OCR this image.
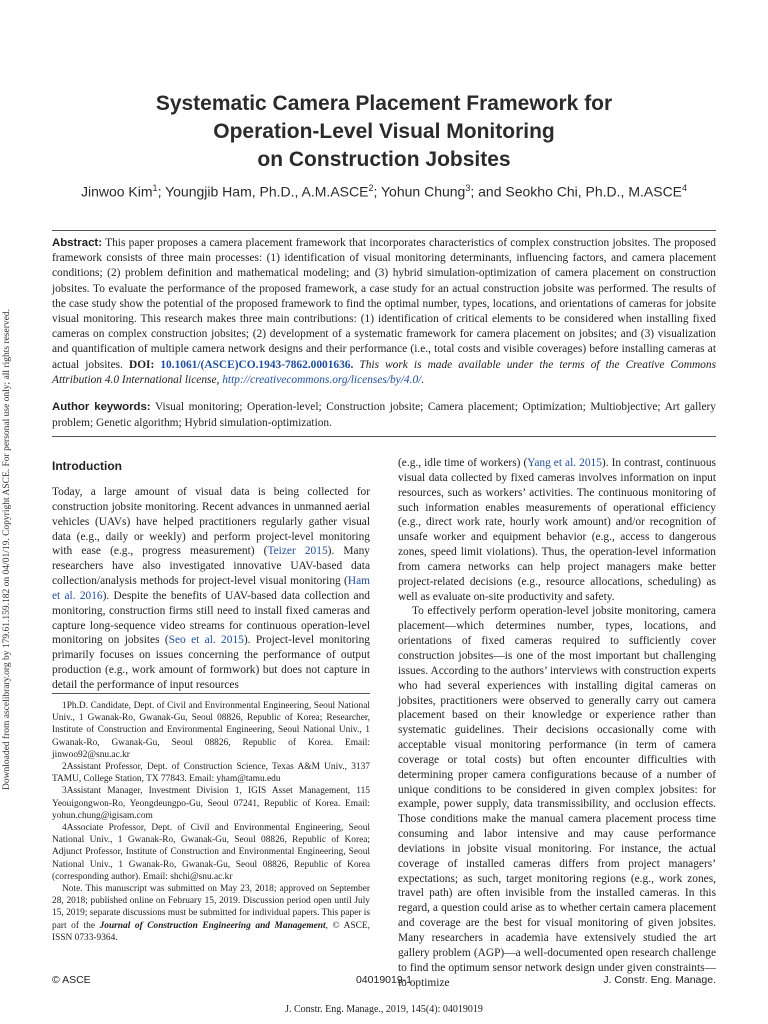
Downloaded from ascelibrary.org by 179.61.159.182 on 04/01/19. Copyright ASCE. For personal use only; all rights reserved.
Systematic Camera Placement Framework for
Operation-Level Visual Monitoring
on Construction Jobsites
Jinwoo Kim$^1$; Youngjib Ham, Ph.D., A.M.ASCE$^2$; Yohun Chung$^3$; and Seokho Chi, Ph.D., M.ASCE$^4$
Abstract: This paper proposes a camera placement framework that incorporates characteristics of complex construction jobsites. The proposed framework consists of three main processes: (1) identification of visual monitoring determinants, influencing factors, and camera placement conditions; (2) problem definition and mathematical modeling; and (3) hybrid simulation-optimization of camera placement on construction jobsites. To evaluate the performance of the proposed framework, a case study for an actual construction jobsite was performed. The results of the case study show the potential of the proposed framework to find the optimal number, types, locations, and orientations of cameras for jobsite visual monitoring. This research makes three main contributions: (1) identification of critical elements to be considered when installing fixed cameras on complex construction jobsites; (2) development of a systematic framework for camera placement on jobsites; and (3) visualization and quantification of multiple camera network designs and their performance (i.e., total costs and visible coverages) before installing cameras at actual jobsites. DOI: 10.1061/(ASCE)CO.1943-7862.0001636. This work is made available under the terms of the Creative Commons Attribution 4.0 International license, http://creativecommons.org/licenses/by/4.0/.
Author keywords: Visual monitoring; Operation-level; Construction jobsite; Camera placement; Optimization; Multiobjective; Art gallery problem; Genetic algorithm; Hybrid simulation-optimization.
Introduction

Today, a large amount of visual data is being collected for construction jobsite monitoring. Recent advances in unmanned aerial vehicles (UAVs) have helped practitioners regularly gather visual data (e.g., daily or weekly) and perform project-level monitoring with ease (e.g., progress measurement) (Teizer 2015). Many researchers have also investigated innovative UAV-based data collection/analysis methods for project-level visual monitoring (Ham et al. 2016). Despite the benefits of UAV-based data collection and monitoring, construction firms still need to install fixed cameras and capture long-sequence video streams for continuous operation-level monitoring on jobsites (Seo et al. 2015). Project-level monitoring primarily focuses on issues concerning the performance of output production (e.g., work amount of formwork) but does not capture in detail the performance of input resources

1Ph.D. Candidate, Dept. of Civil and Environmental Engineering, Seoul National Univ., 1 Gwanak-Ro, Gwanak-Gu, Seoul 08826, Republic of Korea; Researcher, Institute of Construction and Environmental Engineering, Seoul National Univ., 1 Gwanak-Ro, Gwanak-Gu, Seoul 08826, Republic of Korea. Email: jinwoo92@snu.ac.kr

2Assistant Professor, Dept. of Construction Science, Texas A&M Univ., 3137 TAMU, College Station, TX 77843. Email: yham@tamu.edu

3Assistant Manager, Investment Division 1, IGIS Asset Management, 115 Yeouigongwon-Ro, Yeongdeungpo-Gu, Seoul 07241, Republic of Korea. Email: yohun.chung@igisam.com

4Associate Professor, Dept. of Civil and Environmental Engineering, Seoul National Univ., 1 Gwanak-Ro, Gwanak-Gu, Seoul 08826, Republic of Korea; Adjunct Professor, Institute of Construction and Environmental Engineering, Seoul National Univ., 1 Gwanak-Ro, Gwanak-Gu, Seoul 08826, Republic of Korea (corresponding author). Email: shchi@snu.ac.kr

Note. This manuscript was submitted on May 23, 2018; approved on September 28, 2018; published online on February 15, 2019. Discussion period open until July 15, 2019; separate discussions must be submitted for individual papers. This paper is part of the Journal of Construction Engineering and Management, © ASCE, ISSN 0733-9364.

(e.g., idle time of workers) (Yang et al. 2015). In contrast, continuous visual data collected by fixed cameras involves information on input resources, such as workers’ activities. The continuous monitoring of such information enables measurements of operational efficiency (e.g., direct work rate, hourly work amount) and/or recognition of unsafe worker and equipment behavior (e.g., access to dangerous zones, speed limit violations). Thus, the operation-level information from camera networks can help project managers make better project-related decisions (e.g., resource allocations, scheduling) as well as evaluate on-site productivity and safety.

To effectively perform operation-level jobsite monitoring, camera placement—which determines number, types, locations, and orientations of fixed cameras required to sufficiently cover construction jobsites—is one of the most important but challenging issues. According to the authors’ interviews with construction experts who had several experiences with installing digital cameras on jobsites, practitioners were observed to generally carry out camera placement based on their knowledge or experience rather than systematic guidelines. Their decisions occasionally come with acceptable visual monitoring performance (in term of camera coverage or total costs) but often encounter difficulties with determining proper camera configurations because of a number of unique conditions to be considered in given complex jobsites: for example, power supply, data transmissibility, and occlusion effects. Those conditions make the manual camera placement process time consuming and labor intensive and may cause performance deviations in jobsite visual monitoring. For instance, the actual coverage of installed cameras differs from project managers’ expectations; as such, target monitoring regions (e.g., work zones, travel path) are often invisible from the installed cameras. In this regard, a question could arise as to whether certain camera placement and coverage are the best for visual monitoring of given jobsites. Many researchers in academia have extensively studied the art gallery problem (AGP)—a well-documented open research challenge to find the optimum sensor network design under given constraints—to optimize

© ASCE	04019019-1	J. Constr. Eng. Manage.
J. Constr. Eng. Manage., 2019, 145(4): 04019019
